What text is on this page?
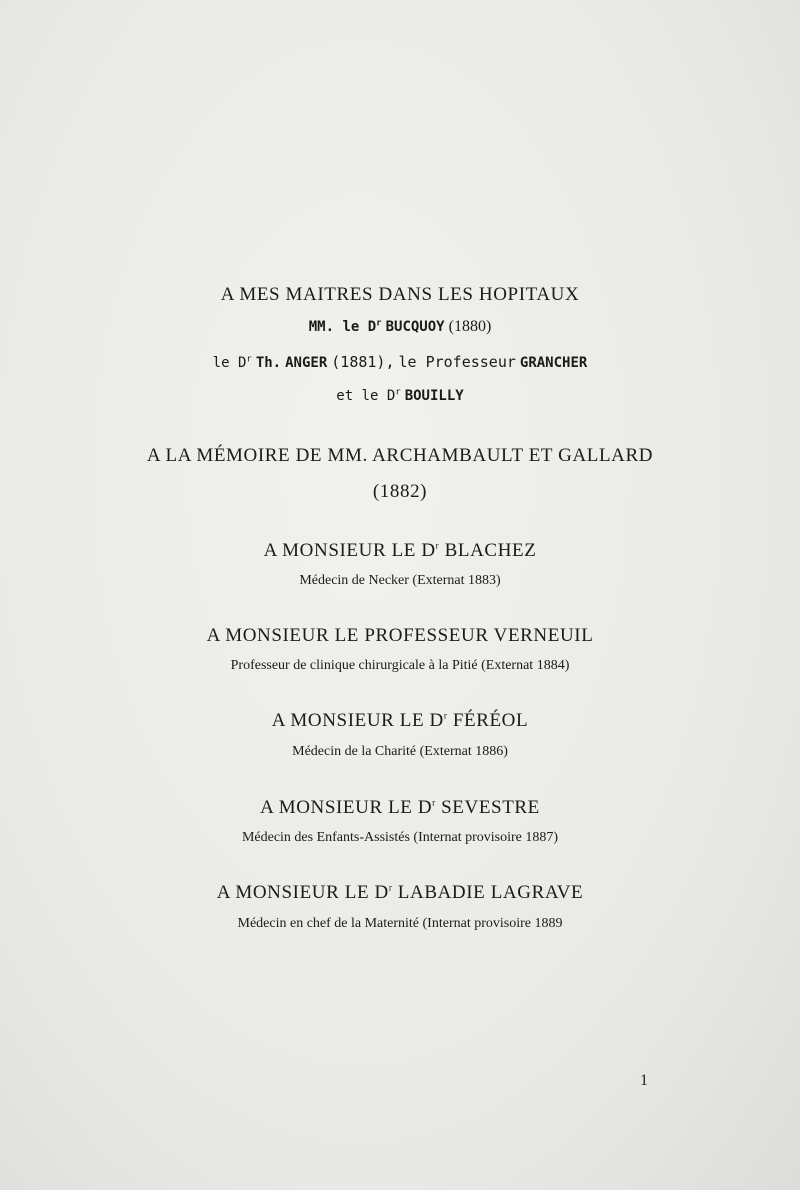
A MES MAITRES DANS LES HOPITAUX
MM. le $D^r$ BUCQUOY (1880)
le $D^r$ Th. ANGER (1881), le Professeur GRANCHER
et le $D^r$ BOUILLY
A LA MÉMOIRE DE MM. ARCHAMBAULT ET GALLARD
(1882)
A MONSIEUR LE $D^r$ BLACHEZ
Médecin de Necker (Externat 1883)
A MONSIEUR LE PROFESSEUR VERNEUIL
Professeur de clinique chirurgicale à la Pitié (Externat 1884)
A MONSIEUR LE $D^r$ FÉRÉOL
Médecin de la Charité (Externat 1886)
A MONSIEUR LE $D^r$ SEVESTRE
Médecin des Enfants-Assistés (Internat provisoire 1887)
A MONSIEUR LE $D^r$ LABADIE LAGRAVE
Médecin en chef de la Maternité (Internat provisoire 1889
1
